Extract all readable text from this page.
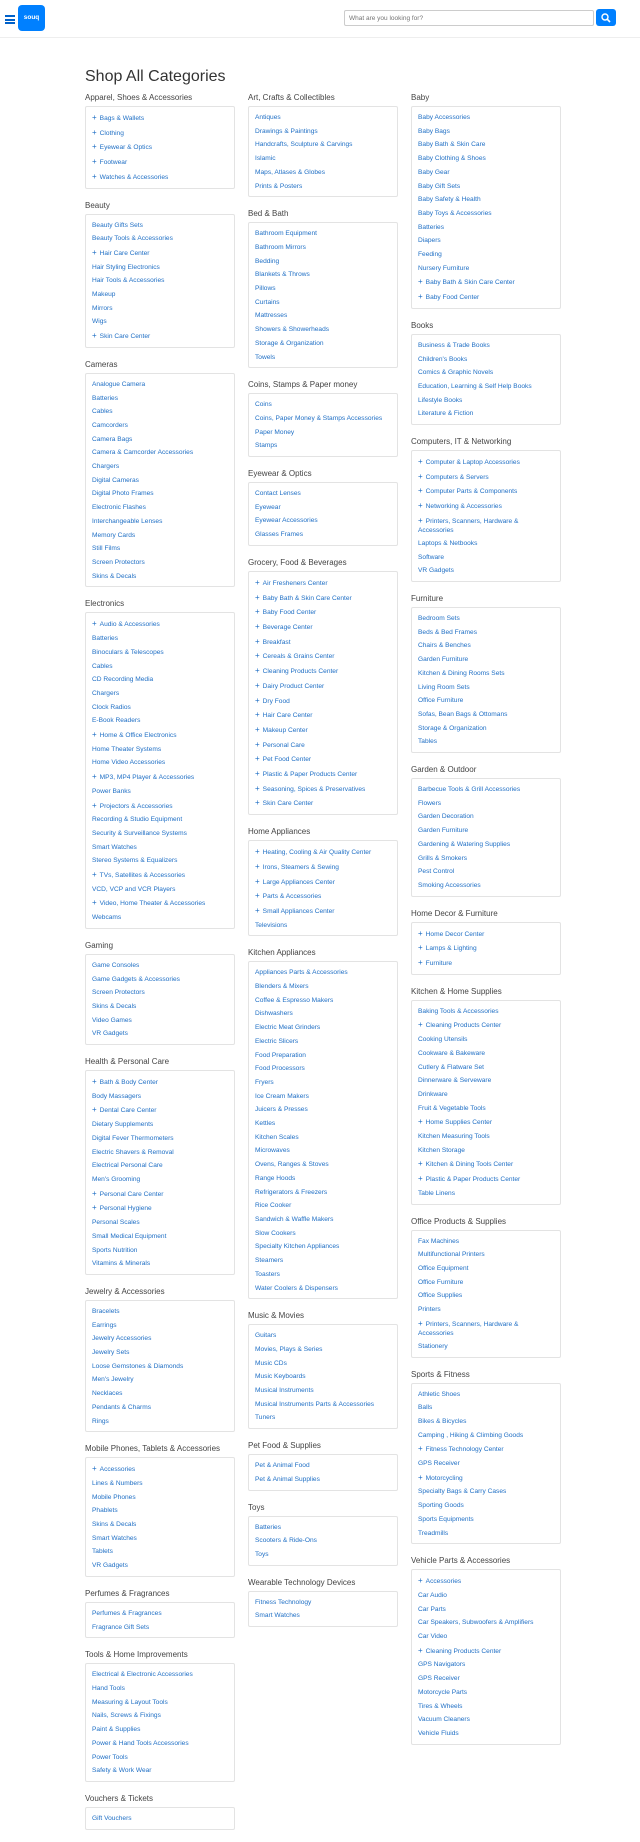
souq
What are you looking for?
Shop All Categories
Apparel, Shoes & Accessories
+ Bags & Wallets
+ Clothing
+ Eyewear & Optics
+ Footwear
+ Watches & Accessories
Beauty
Beauty Gifts Sets
Beauty Tools & Accessories
+ Hair Care Center
Hair Styling Electronics
Hair Tools & Accessories
Makeup
Mirrors
Wigs
+ Skin Care Center
Cameras
Analogue Camera
Batteries
Cables
Camcorders
Camera Bags
Camera & Camcorder Accessories
Chargers
Digital Cameras
Digital Photo Frames
Electronic Flashes
Interchangeable Lenses
Memory Cards
Still Films
Screen Protectors
Skins & Decals
Electronics
+ Audio & Accessories
Batteries
Binoculars & Telescopes
Cables
CD Recording Media
Chargers
Clock Radios
E-Book Readers
+ Home & Office Electronics
Home Theater Systems
Home Video Accessories
+ MP3, MP4 Player & Accessories
Power Banks
+ Projectors & Accessories
Recording & Studio Equipment
Security & Surveillance Systems
Smart Watches
Stereo Systems & Equalizers
+ TVs, Satellites & Accessories
VCD, VCP and VCR Players
+ Video, Home Theater & Accessories
Webcams
Gaming
Game Consoles
Game Gadgets & Accessories
Screen Protectors
Skins & Decals
Video Games
VR Gadgets
Health & Personal Care
+ Bath & Body Center
Body Massagers
+ Dental Care Center
Dietary Supplements
Digital Fever Thermometers
Electric Shavers & Removal
Electrical Personal Care
Men's Grooming
+ Personal Care Center
+ Personal Hygiene
Personal Scales
Small Medical Equipment
Sports Nutrition
Vitamins & Minerals
Jewelry & Accessories
Bracelets
Earrings
Jewelry Accessories
Jewelry Sets
Loose Gemstones & Diamonds
Men's Jewelry
Necklaces
Pendants & Charms
Rings
Mobile Phones, Tablets & Accessories
+ Accessories
Lines & Numbers
Mobile Phones
Phablets
Skins & Decals
Smart Watches
Tablets
VR Gadgets
Perfumes & Fragrances
Perfumes & Fragrances
Fragrance Gift Sets
Tools & Home Improvements
Electrical & Electronic Accessories
Hand Tools
Measuring & Layout Tools
Nails, Screws & Fixings
Paint & Supplies
Power & Hand Tools Accessories
Power Tools
Safety & Work Wear
Vouchers & Tickets
Gift Vouchers
Art, Crafts & Collectibles
Antiques
Drawings & Paintings
Handcrafts, Sculpture & Carvings
Islamic
Maps, Atlases & Globes
Prints & Posters
Bed & Bath
Bathroom Equipment
Bathroom Mirrors
Bedding
Blankets & Throws
Pillows
Curtains
Mattresses
Showers & Showerheads
Storage & Organization
Towels
Coins, Stamps & Paper money
Coins
Coins, Paper Money & Stamps Accessories
Paper Money
Stamps
Eyewear & Optics
Contact Lenses
Eyewear
Eyewear Accessories
Glasses Frames
Grocery, Food & Beverages
+ Air Fresheners Center
+ Baby Bath & Skin Care Center
+ Baby Food Center
+ Beverage Center
+ Breakfast
+ Cereals & Grains Center
+ Cleaning Products Center
+ Dairy Product Center
+ Dry Food
+ Hair Care Center
+ Makeup Center
+ Personal Care
+ Pet Food Center
+ Plastic & Paper Products Center
+ Seasoning, Spices & Preservatives
+ Skin Care Center
Home Appliances
+ Heating, Cooling & Air Quality Center
+ Irons, Steamers & Sewing
+ Large Appliances Center
+ Parts & Accessories
+ Small Appliances Center
Televisions
Kitchen Appliances
Appliances Parts & Accessories
Blenders & Mixers
Coffee & Espresso Makers
Dishwashers
Electric Meat Grinders
Electric Slicers
Food Preparation
Food Processors
Fryers
Ice Cream Makers
Juicers & Presses
Kettles
Kitchen Scales
Microwaves
Ovens, Ranges & Stoves
Range Hoods
Refrigerators & Freezers
Rice Cooker
Sandwich & Waffle Makers
Slow Cookers
Specialty Kitchen Appliances
Steamers
Toasters
Water Coolers & Dispensers
Music & Movies
Guitars
Movies, Plays & Series
Music CDs
Music Keyboards
Musical Instruments
Musical Instruments Parts & Accessories
Tuners
Pet Food & Supplies
Pet & Animal Food
Pet & Animal Supplies
Toys
Batteries
Scooters & Ride-Ons
Toys
Wearable Technology Devices
Fitness Technology
Smart Watches
Baby
Baby Accessories
Baby Bags
Baby Bath & Skin Care
Baby Clothing & Shoes
Baby Gear
Baby Gift Sets
Baby Safety & Health
Baby Toys & Accessories
Batteries
Diapers
Feeding
Nursery Furniture
+ Baby Bath & Skin Care Center
+ Baby Food Center
Books
Business & Trade Books
Children's Books
Comics & Graphic Novels
Education, Learning & Self Help Books
Lifestyle Books
Literature & Fiction
Computers, IT & Networking
+ Computer & Laptop Accessories
+ Computers & Servers
+ Computer Parts & Components
+ Networking & Accessories
+ Printers, Scanners, Hardware & Accessories
Laptops & Netbooks
Software
VR Gadgets
Furniture
Bedroom Sets
Beds & Bed Frames
Chairs & Benches
Garden Furniture
Kitchen & Dining Rooms Sets
Living Room Sets
Office Furniture
Sofas, Bean Bags & Ottomans
Storage & Organization
Tables
Garden & Outdoor
Barbecue Tools & Grill Accessories
Flowers
Garden Decoration
Garden Furniture
Gardening & Watering Supplies
Grills & Smokers
Pest Control
Smoking Accessories
Home Decor & Furniture
+ Home Decor Center
+ Lamps & Lighting
+ Furniture
Kitchen & Home Supplies
Baking Tools & Accessories
+ Cleaning Products Center
Cooking Utensils
Cookware & Bakeware
Cutlery & Flatware Set
Dinnerware & Serveware
Drinkware
Fruit & Vegetable Tools
+ Home Supplies Center
Kitchen Measuring Tools
Kitchen Storage
+ Kitchen & Dining Tools Center
+ Plastic & Paper Products Center
Table Linens
Office Products & Supplies
Fax Machines
Multifunctional Printers
Office Equipment
Office Furniture
Office Supplies
Printers
+ Printers, Scanners, Hardware & Accessories
Stationery
Sports & Fitness
Athletic Shoes
Balls
Bikes & Bicycles
Camping , Hiking & Climbing Goods
+ Fitness Technology Center
GPS Receiver
+ Motorcycling
Specialty Bags & Carry Cases
Sporting Goods
Sports Equipments
Treadmills
Vehicle Parts & Accessories
+ Accessories
Car Audio
Car Parts
Car Speakers, Subwoofers & Amplifiers
Car Video
+ Cleaning Products Center
GPS Navigators
GPS Receiver
Motorcycle Parts
Tires & Wheels
Vacuum Cleaners
Vehicle Fluids
